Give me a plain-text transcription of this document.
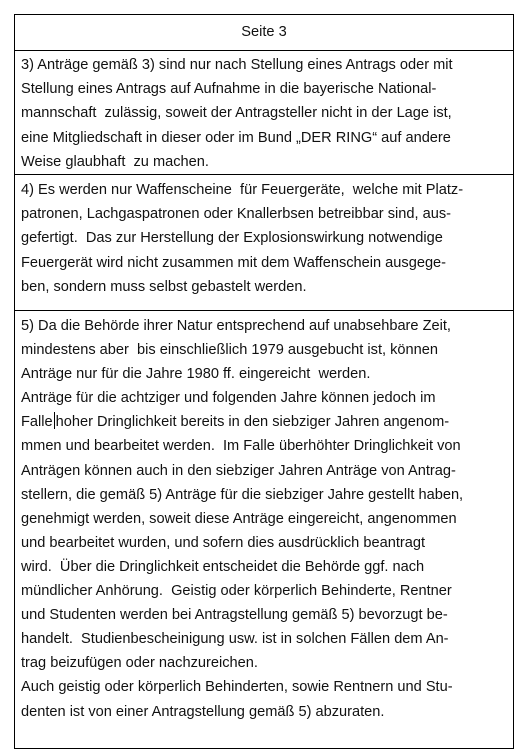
Seite 3
3) Anträge gemäß 3) sind nur nach Stellung eines Antrags oder mit
Stellung eines Antrags auf Aufnahme in die bayerische National-
mannschaft  zulässig, soweit der Antragsteller nicht in der Lage ist,
eine Mitgliedschaft in dieser oder im Bund „DER RING“ auf andere
Weise glaubhaft  zu machen.
4) Es werden nur Waffenscheine  für Feuergeräte,  welche mit Platz-
patronen, Lachgaspatronen oder Knallerbsen betreibbar sind, aus-
gefertigt.  Das zur Herstellung der Explosionswirkung notwendige
Feuergerät wird nicht zusammen mit dem Waffenschein ausgege-
ben, sondern muss selbst gebastelt werden.
5) Da die Behörde ihrer Natur entsprechend auf unabsehbare Zeit,
mindestens aber  bis einschließlich 1979 ausgebucht ist, können
Anträge nur für die Jahre 1980 ff. eingereicht  werden.
Anträge für die achtziger und folgenden Jahre können jedoch im
Falle hoher Dringlichkeit bereits in den siebziger Jahren angenom-
mmen und bearbeitet werden.  Im Falle überhöhter Dringlichkeit von
Anträgen können auch in den siebziger Jahren Anträge von Antrag-
stellern, die gemäß 5) Anträge für die siebziger Jahre gestellt haben,
genehmigt werden, soweit diese Anträge eingereicht, angenommen
und bearbeitet wurden, und sofern dies ausdrücklich beantragt
wird.  Über die Dringlichkeit entscheidet die Behörde ggf. nach
mündlicher Anhörung.  Geistig oder körperlich Behinderte, Rentner
und Studenten werden bei Antragstellung gemäß 5) bevorzugt be-
handelt.  Studienbescheinigung usw. ist in solchen Fällen dem An-
trag beizufügen oder nachzureichen.
Auch geistig oder körperlich Behinderten, sowie Rentnern und Stu-
denten ist von einer Antragstellung gemäß 5) abzuraten.
